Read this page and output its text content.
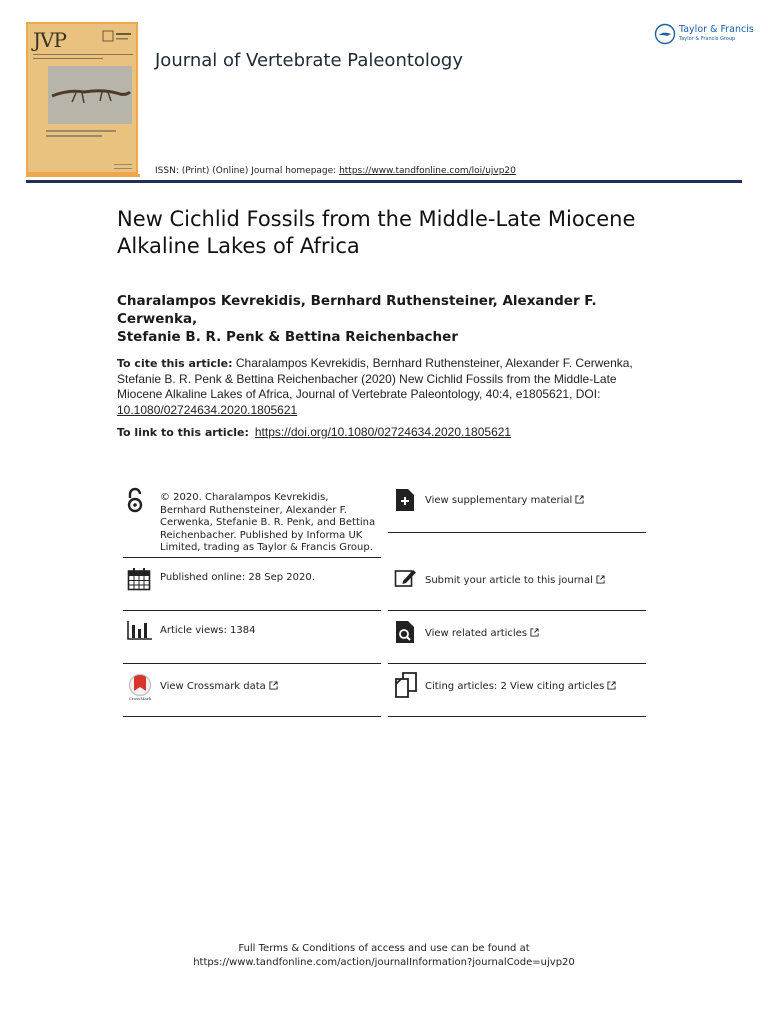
JVP
Journal of Vertebrate Paleontology
Taylor & Francis
Taylor & Francis Group
ISSN: (Print) (Online) Journal homepage: https://www.tandfonline.com/loi/ujvp20
New Cichlid Fossils from the Middle-Late Miocene
Alkaline Lakes of Africa
Charalampos Kevrekidis, Bernhard Ruthensteiner, Alexander F. Cerwenka,
Stefanie B. R. Penk & Bettina Reichenbacher
To cite this article: Charalampos Kevrekidis, Bernhard Ruthensteiner, Alexander F. Cerwenka, Stefanie B. R. Penk & Bettina Reichenbacher (2020) New Cichlid Fossils from the Middle-Late Miocene Alkaline Lakes of Africa, Journal of Vertebrate Paleontology, 40:4, e1805621, DOI: 10.1080/02724634.2020.1805621
To link to this article: https://doi.org/10.1080/02724634.2020.1805621
© 2020. Charalampos Kevrekidis,
Bernhard Ruthensteiner, Alexander F.
Cerwenka, Stefanie B. R. Penk, and Bettina
Reichenbacher. Published by Informa UK
Limited, trading as Taylor & Francis Group.
View supplementary material
Published online: 28 Sep 2020.	Submit your article to this journal
Article views: 1384	View related articles
CrossMark
View Crossmark data	Citing articles: 2 View citing articles
Full Terms & Conditions of access and use can be found at
https://www.tandfonline.com/action/journalInformation?journalCode=ujvp20
